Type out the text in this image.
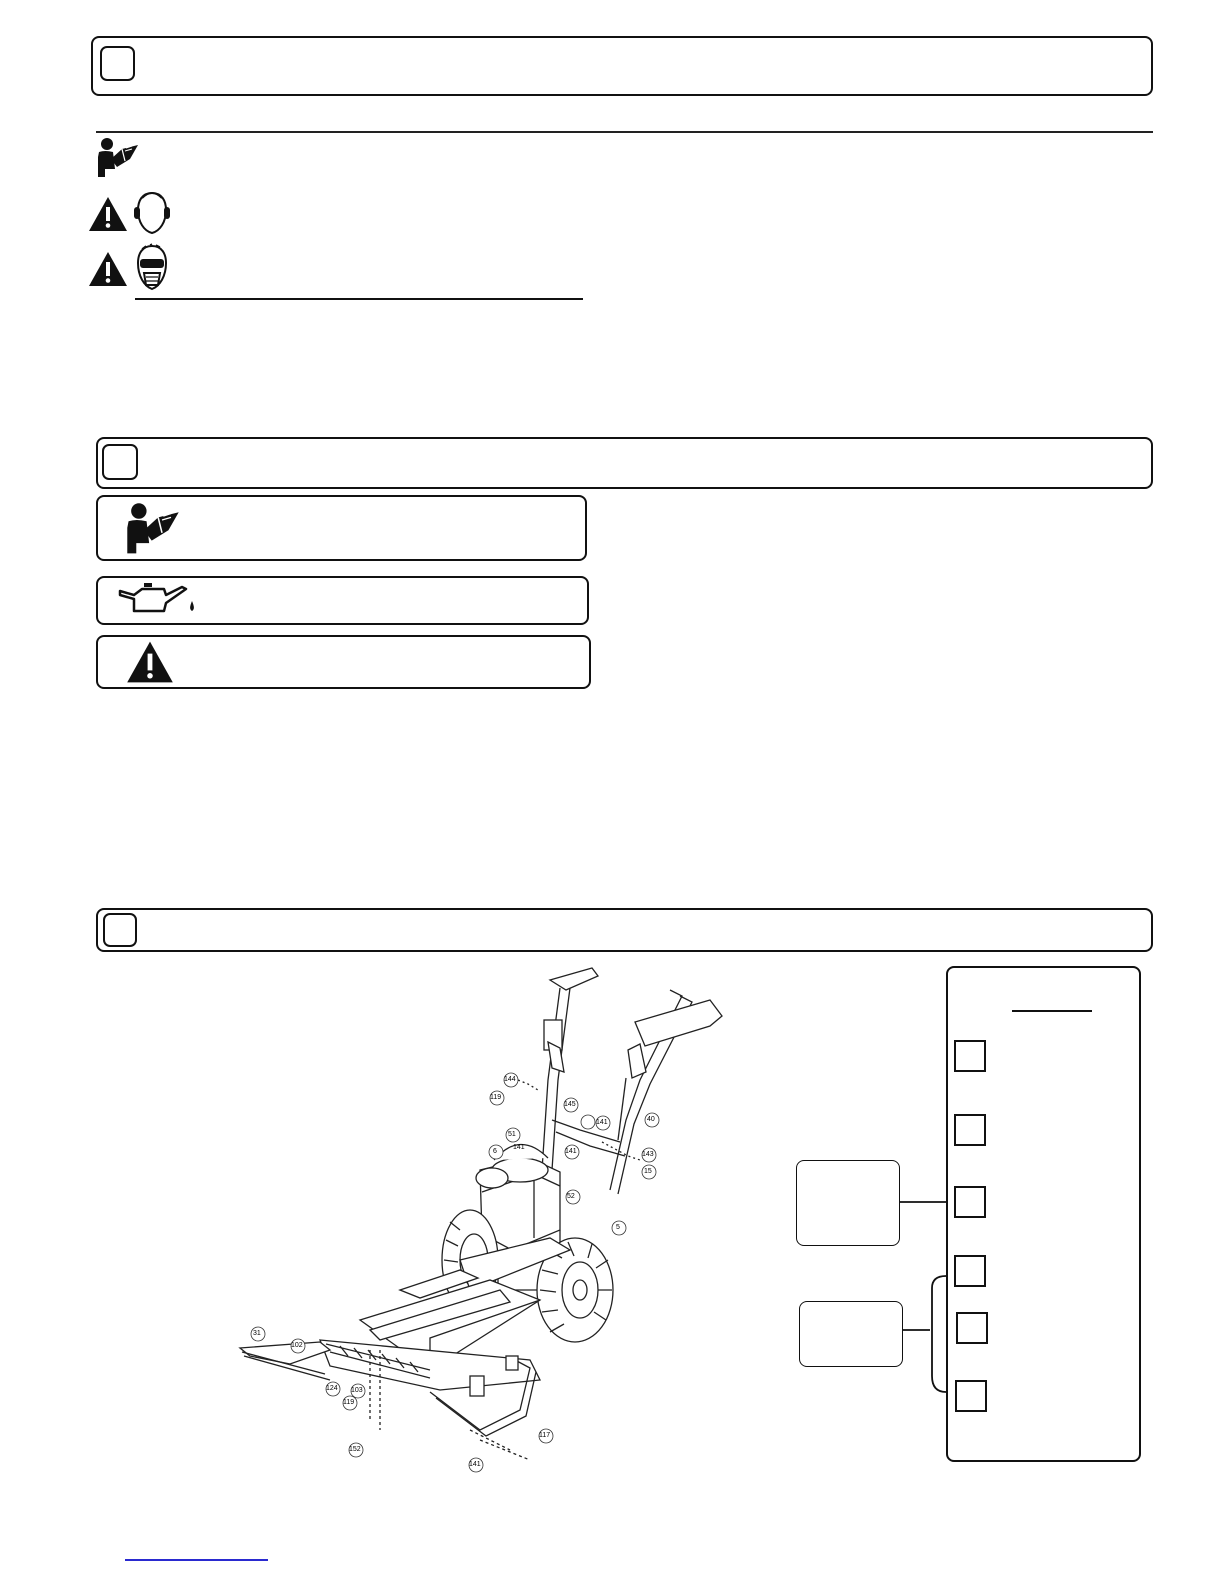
144
119
145
141	40
51
6	141	143
15
52
5
31
102
124 103
119
152
117
141
141
